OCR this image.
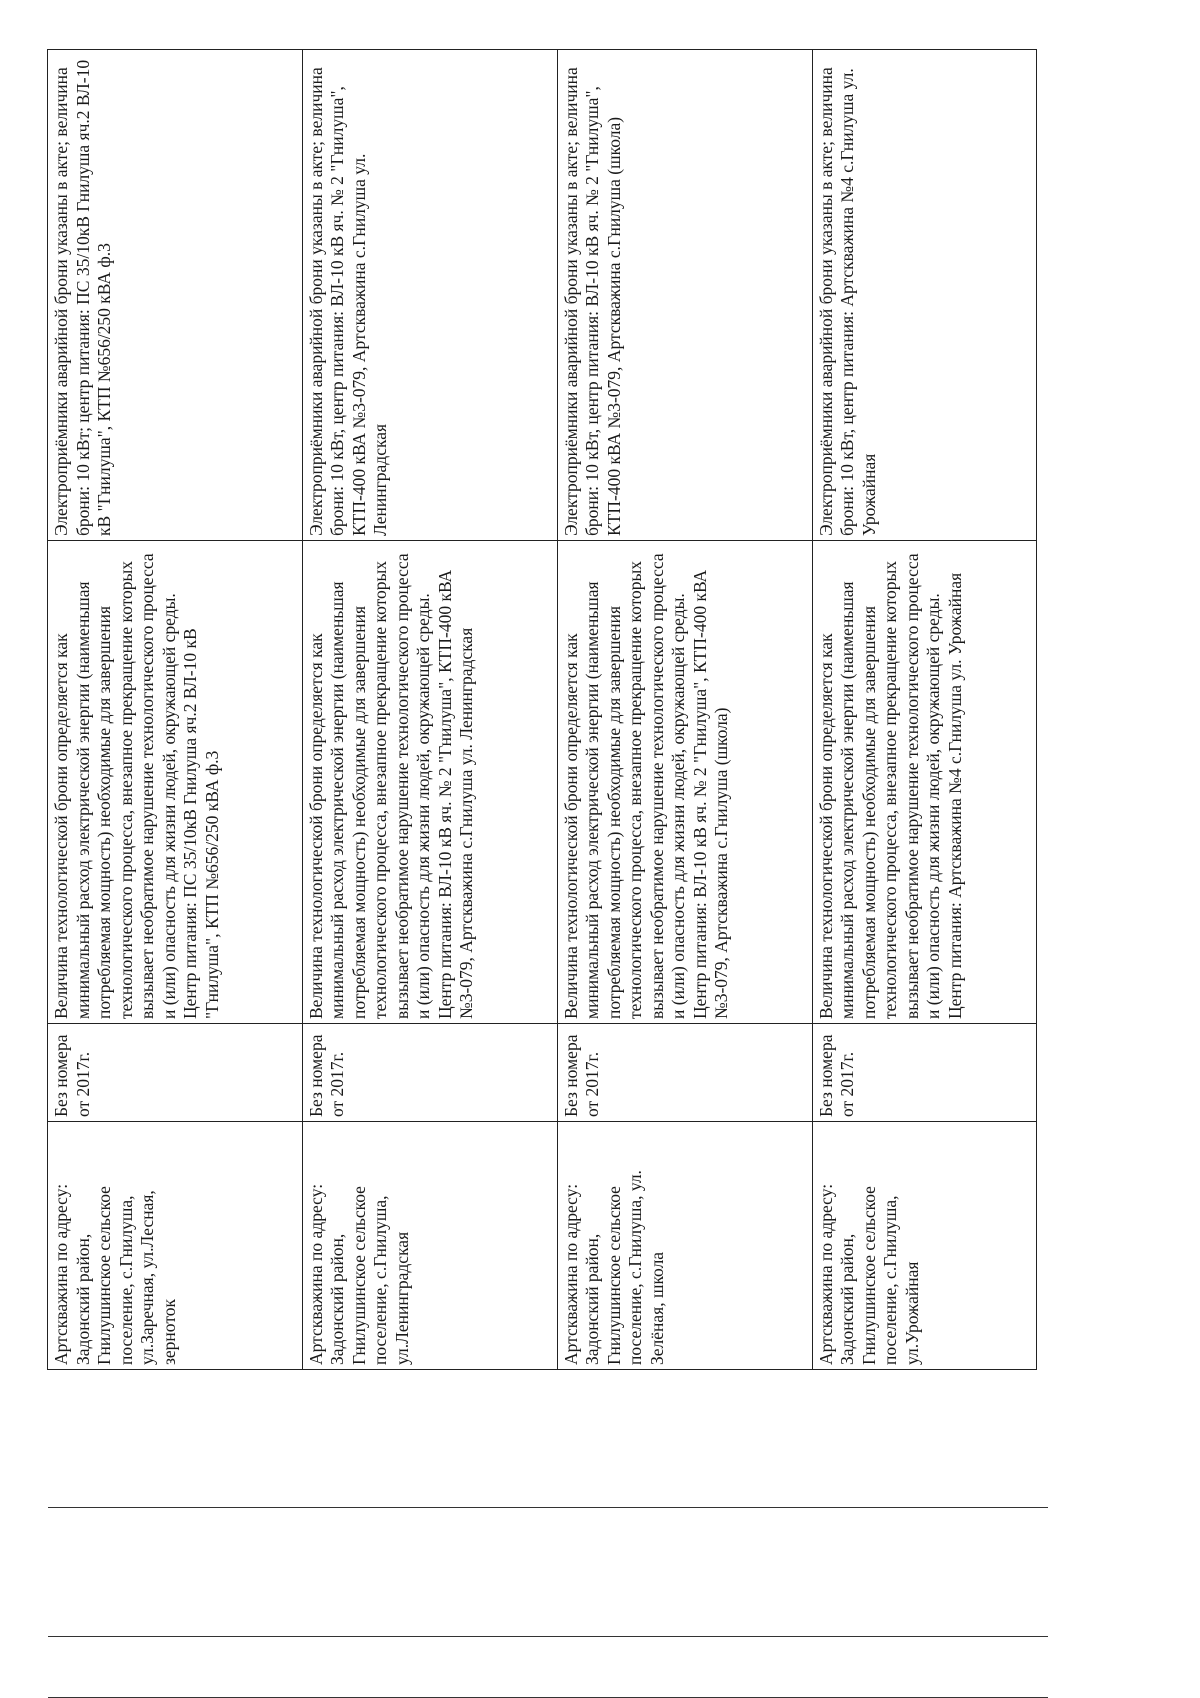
Артскважина по адресу: Задонский район, Гнилушинское сельское поселение, с.Гнилуша, ул.Заречная, ул.Лесная, зерноток	Без номера от 2017г.	Величина технологической брони определяется как минимальный расход электрической энергии (наименьшая потребляемая мощность) необходимые для завершения технологического процесса, внезапное прекращение которых вызывает необратимое нарушение технологического процесса и (или) опасность для жизни людей, окружающей среды. Центр питания: ПС 35/10кВ Гнилуша яч.2 ВЛ-10 кВ "Гнилуша", КТП №656/250 кВА ф.3	Электроприёмники аварийной брони указаны в акте; величина брони: 10 кВт; центр питания: ПС 35/10кВ Гнилуша яч.2 ВЛ-10 кВ "Гнилуша", КТП №656/250 кВА ф.3
Артскважина по адресу: Задонский район, Гнилушинское сельское поселение, с.Гнилуша, ул.Ленинградская	Без номера от 2017г.	Величина технологической брони определяется как минимальный расход электрической энергии (наименьшая потребляемая мощность) необходимые для завершения технологического процесса, внезапное прекращение которых вызывает необратимое нарушение технологического процесса и (или) опасность для жизни людей, окружающей среды. Центр питания: ВЛ-10 кВ яч. № 2 "Гнилуша", КТП-400 кВА №3-079, Артскважина с.Гнилуша ул. Ленинградская	Электроприёмники аварийной брони указаны в акте; величина брони: 10 кВт, центр питания: ВЛ-10 кВ яч. № 2 "Гнилуша", КТП-400 кВА №3-079, Артскважина с.Гнилуша ул. Ленинградская
Артскважина по адресу: Задонский район, Гнилушинское сельское поселение, с.Гнилуша, ул. Зелёная, школа	Без номера от 2017г.	Величина технологической брони определяется как минимальный расход электрической энергии (наименьшая потребляемая мощность) необходимые для завершения технологического процесса, внезапное прекращение которых вызывает необратимое нарушение технологического процесса и (или) опасность для жизни людей, окружающей среды. Центр питания: ВЛ-10 кВ яч. № 2 "Гнилуша", КТП-400 кВА №3-079, Артскважина с.Гнилуша (школа)	Электроприёмники аварийной брони указаны в акте; величина брони: 10 кВт, центр питания: ВЛ-10 кВ яч. № 2 "Гнилуша", КТП-400 кВА №3-079, Артскважина с.Гнилуша (школа)
Артскважина по адресу: Задонский район, Гнилушинское сельское поселение, с.Гнилуша, ул.Урожайная	Без номера от 2017г.	Величина технологической брони определяется как минимальный расход электрической энергии (наименьшая потребляемая мощность) необходимые для завершения технологического процесса, внезапное прекращение которых вызывает необратимое нарушение технологического процесса и (или) опасность для жизни людей, окружающей среды. Центр питания: Артскважина №4 с.Гнилуша ул. Урожайная	Электроприёмники аварийной брони указаны в акте; величина брони: 10 кВт, центр питания: Артскважина №4 с.Гнилуша ул. Урожайная
